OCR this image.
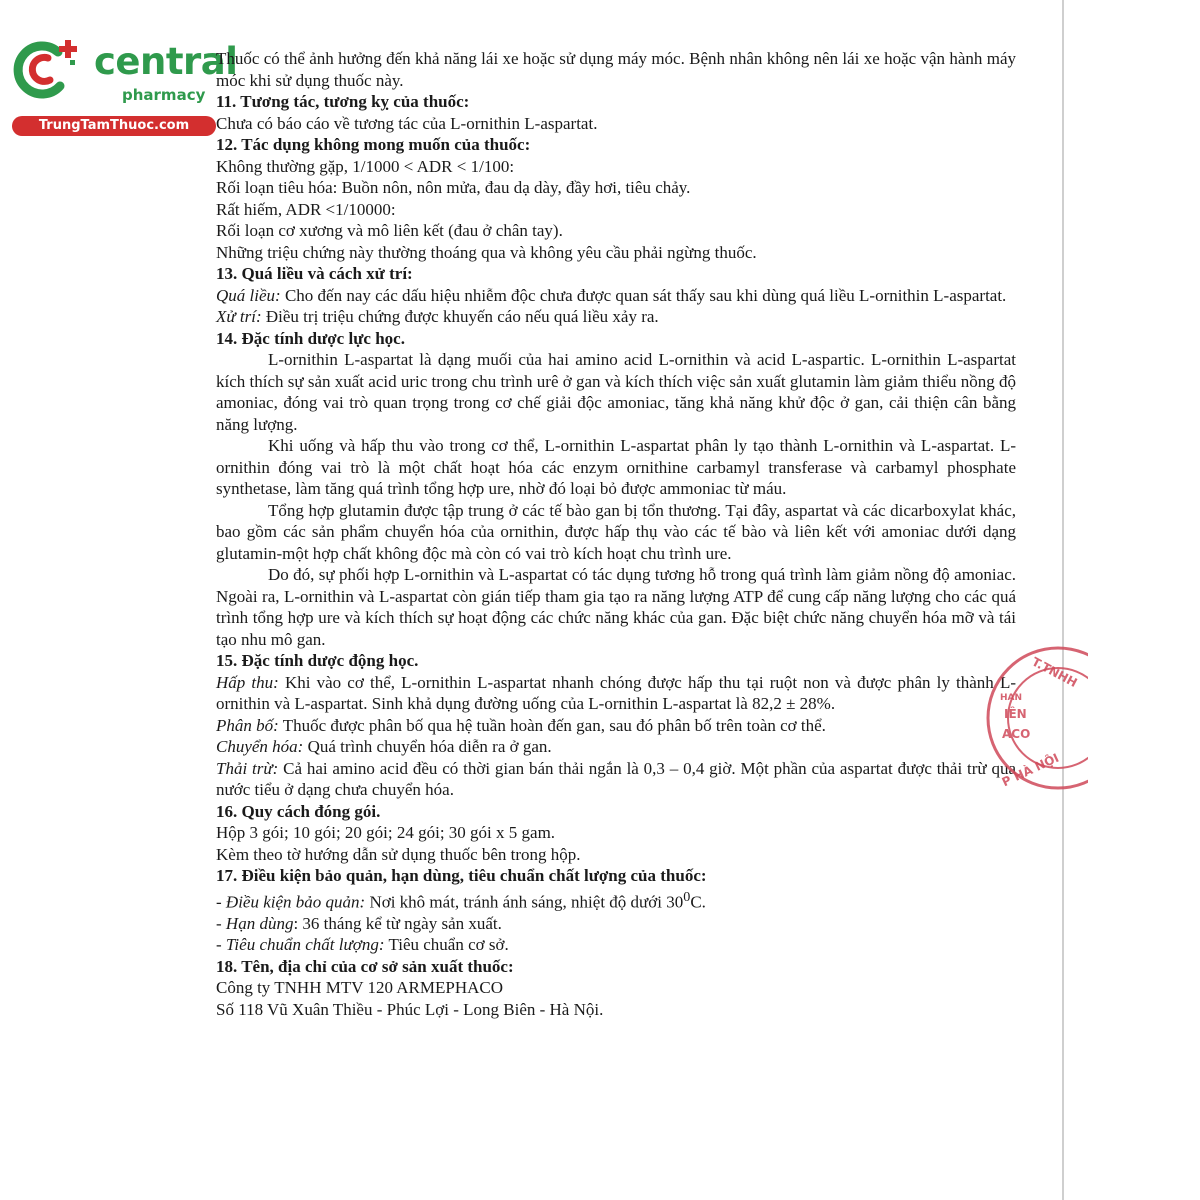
central
pharmacy
TrungTamThuoc.com

Thuốc có thể ảnh hưởng đến khả năng lái xe hoặc sử dụng máy móc. Bệnh nhân không nên lái xe hoặc vận hành máy móc khi sử dụng thuốc này.

11. Tương tác, tương kỵ của thuốc:

Chưa có báo cáo về tương tác của L-ornithin L-aspartat.

12. Tác dụng không mong muốn của thuốc:

Không thường gặp, 1/1000 < ADR < 1/100:

Rối loạn tiêu hóa: Buồn nôn, nôn mửa, đau dạ dày, đầy hơi, tiêu chảy.

Rất hiếm, ADR <1/10000:

Rối loạn cơ xương và mô liên kết (đau ở chân tay).

Những triệu chứng này thường thoáng qua và không yêu cầu phải ngừng thuốc.

13. Quá liều và cách xử trí:

Quá liều: Cho đến nay các dấu hiệu nhiễm độc chưa được quan sát thấy sau khi dùng quá liều L-ornithin L-aspartat.

Xử trí: Điều trị triệu chứng được khuyến cáo nếu quá liều xảy ra.

14. Đặc tính dược lực học.

L-ornithin L-aspartat là dạng muối của hai amino acid L-ornithin và acid L-aspartic. L-ornithin L-aspartat kích thích sự sản xuất acid uric trong chu trình urê ở gan và kích thích việc sản xuất glutamin làm giảm thiểu nồng độ amoniac, đóng vai trò quan trọng trong cơ chế giải độc amoniac, tăng khả năng khử độc ở gan, cải thiện cân bằng năng lượng.

Khi uống và hấp thu vào trong cơ thể, L-ornithin L-aspartat phân ly tạo thành L-ornithin và L-aspartat. L-ornithin đóng vai trò là một chất hoạt hóa các enzym ornithine carbamyl transferase và carbamyl phosphate synthetase, làm tăng quá trình tổng hợp ure, nhờ đó loại bỏ được ammoniac từ máu.

Tổng hợp glutamin được tập trung ở các tế bào gan bị tổn thương. Tại đây, aspartat và các dicarboxylat khác, bao gồm các sản phẩm chuyển hóa của ornithin, được hấp thụ vào các tế bào và liên kết với amoniac dưới dạng glutamin-một hợp chất không độc mà còn có vai trò kích hoạt chu trình ure.

Do đó, sự phối hợp L-ornithin và L-aspartat có tác dụng tương hỗ trong quá trình làm giảm nồng độ amoniac. Ngoài ra, L-ornithin và L-aspartat còn gián tiếp tham gia tạo ra năng lượng ATP để cung cấp năng lượng cho các quá trình tổng hợp ure và kích thích sự hoạt động các chức năng khác của gan. Đặc biệt chức năng chuyển hóa mỡ và tái tạo nhu mô gan.

15. Đặc tính dược động học.

Hấp thu: Khi vào cơ thể, L-ornithin L-aspartat nhanh chóng được hấp thu tại ruột non và được phân ly thành L-ornithin và L-aspartat. Sinh khả dụng đường uống của L-ornithin L-aspartat là 82,2 ± 28%.

Phân bố: Thuốc được phân bố qua hệ tuần hoàn đến gan, sau đó phân bố trên toàn cơ thể.

Chuyển hóa: Quá trình chuyển hóa diễn ra ở gan.

Thải trừ: Cả hai amino acid đều có thời gian bán thải ngắn là 0,3 – 0,4 giờ. Một phần của aspartat được thải trừ qua nước tiểu ở dạng chưa chuyển hóa.

16. Quy cách đóng gói.

Hộp 3 gói; 10 gói; 20 gói; 24 gói; 30 gói x 5 gam.

Kèm theo tờ hướng dẫn sử dụng thuốc bên trong hộp.

17. Điều kiện bảo quản, hạn dùng, tiêu chuẩn chất lượng của thuốc:

- Điều kiện bảo quản: Nơi khô mát, tránh ánh sáng, nhiệt độ dưới $30^0C$.

- Hạn dùng: 36 tháng kể từ ngày sản xuất.

- Tiêu chuẩn chất lượng: Tiêu chuẩn cơ sở.

18. Tên, địa chỉ của cơ sở sản xuất thuốc:

Công ty TNHH MTV 120 ARMEPHACO

Số 118 Vũ Xuân Thiều - Phúc Lợi - Long Biên - Hà Nội.

T.TNHH
HAN
IÊN
ACO
P HÀ NỘI
